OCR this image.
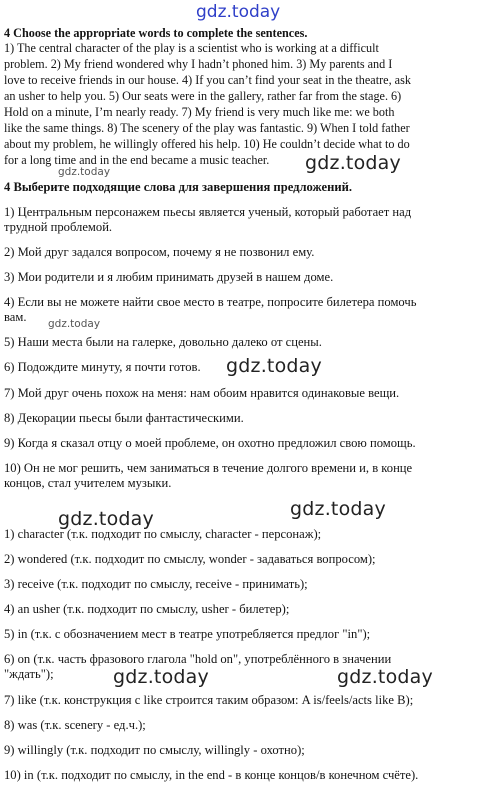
gdz.today
4 Choose the appropriate words to complete the sentences.
1) The central character of the play is a scientist who is working at a difficult
problem. 2) My friend wondered why I hadn’t phoned him. 3) My parents and I
love to receive friends in our house. 4) If you can’t find your seat in the theatre, ask
an usher to help you. 5) Our seats were in the gallery, rather far from the stage. 6)
Hold on a minute, I’m nearly ready. 7) My friend is very much like me: we both
like the same things. 8) The scenery of the play was fantastic. 9) When I told father
about my problem, he willingly offered his help. 10) He couldn’t decide what to do
for a long time and in the end became a music teacher.	gdz.today
gdz.today
4 Выберите подходящие слова для завершения предложений.
1) Центральным персонажем пьесы является ученый, который работает над
трудной проблемой.
2) Мой друг задался вопросом, почему я не позвонил ему.
3) Мои родители и я любим принимать друзей в нашем доме.
4) Если вы не можете найти свое место в театре, попросите билетера помочь
вам.	gdz.today
5) Наши места были на галерке, довольно далеко от сцены.
6) Подождите минуту, я почти готов.	gdz.today
7) Мой друг очень похож на меня: нам обоим нравится одинаковые вещи.
8) Декорации пьесы были фантастическими.
9) Когда я сказал отцу о моей проблеме, он охотно предложил свою помощь.
10) Он не мог решить, чем заниматься в течение долгого времени и, в конце
концов, стал учителем музыки.
gdz.today
gdz.today
1) character (т.к. подходит по смыслу, character - персонаж);
2) wondered (т.к. подходит по смыслу, wonder - задаваться вопросом);
3) receive (т.к. подходит по смыслу, receive - принимать);
4) an usher (т.к. подходит по смыслу, usher - билетер);
5) in (т.к. с обозначением мест в театре употребляется предлог "in");
6) on (т.к. часть фразового глагола "hold on", употреблённого в значении
"ждать");	gdz.today	gdz.today
7) like (т.к. конструкция с like строится таким образом: A is/feels/acts like B);
8) was (т.к. scenery - ед.ч.);
9) willingly (т.к. подходит по смыслу, willingly - охотно);
10) in (т.к. подходит по смыслу, in the end - в конце концов/в конечном счёте).
